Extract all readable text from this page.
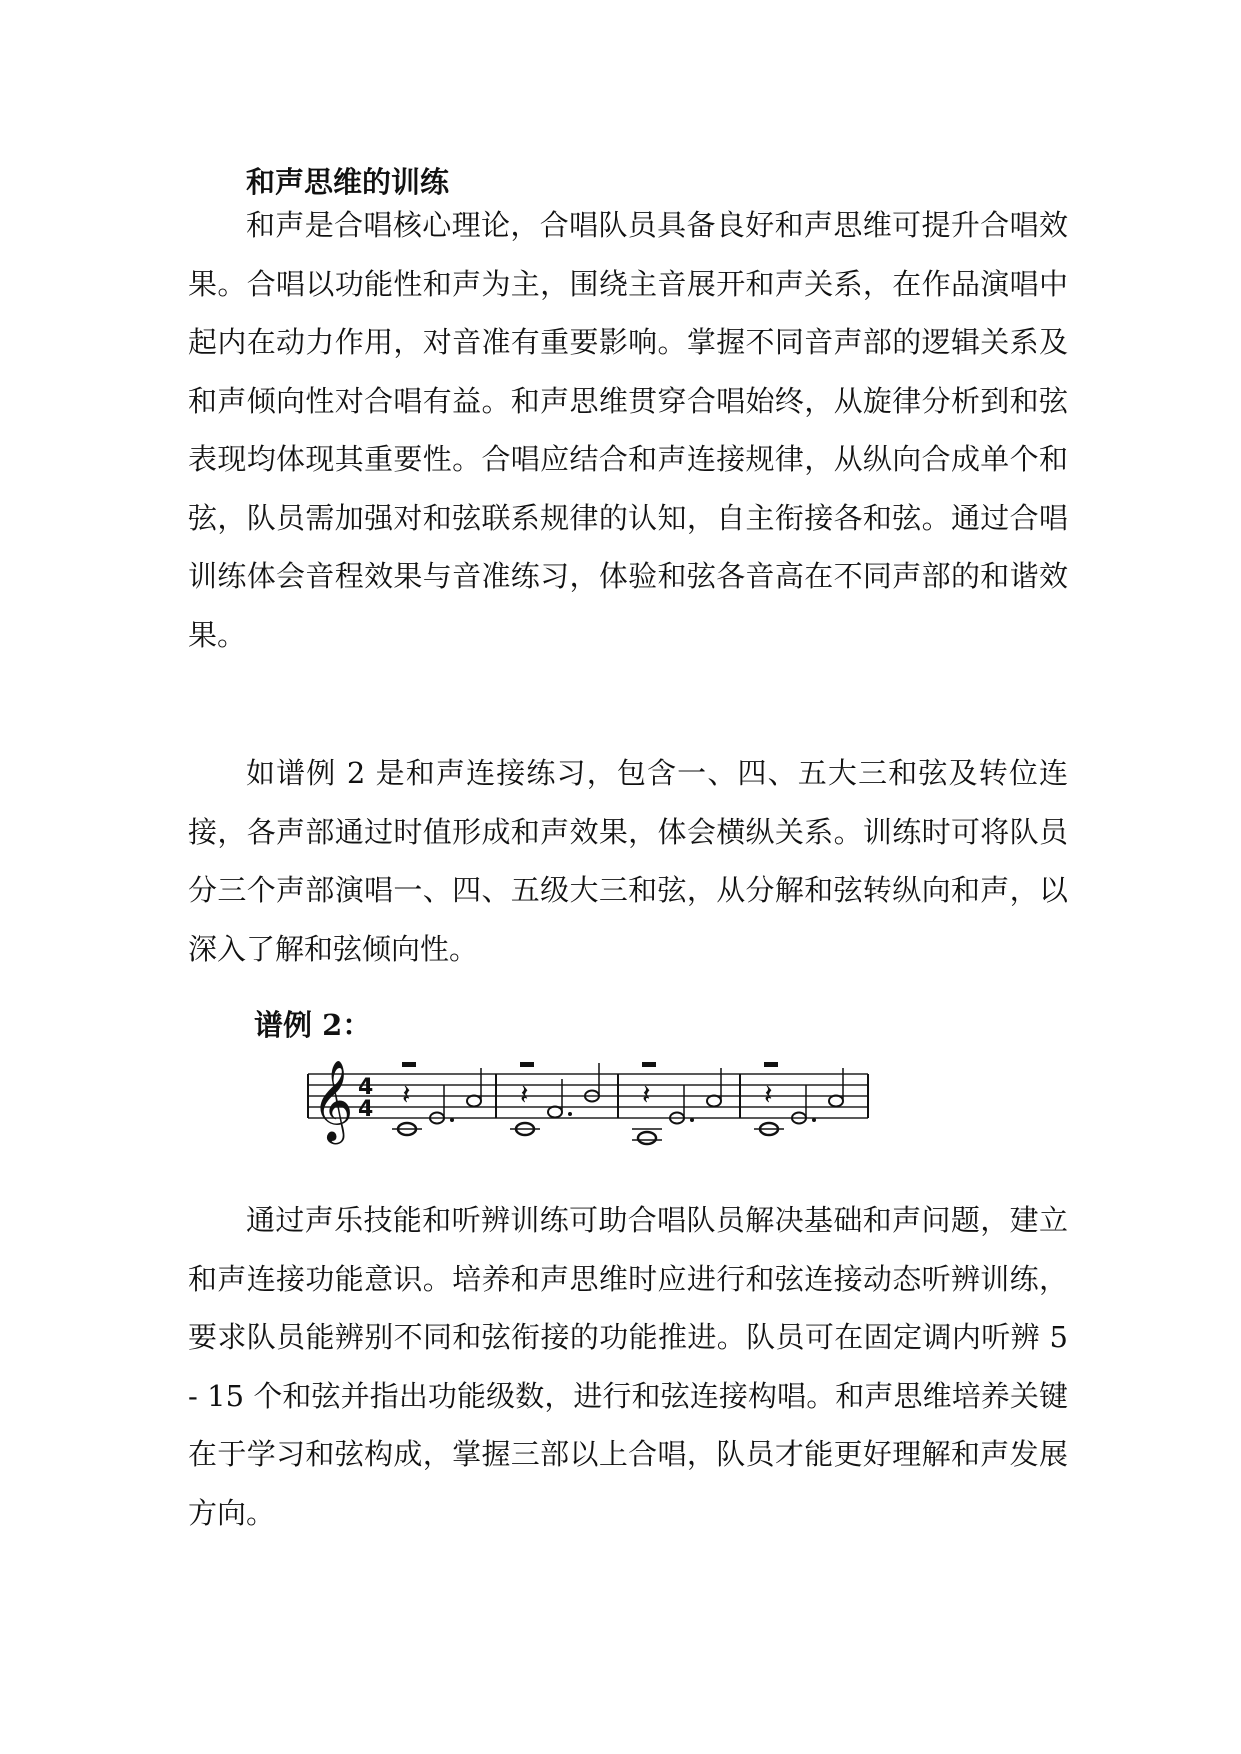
和声思维的训练

和声是合唱核心理论，合唱队员具备良好和声思维可提升合唱效果。合唱以功能性和声为主，围绕主音展开和声关系，在作品演唱中起内在动力作用，对音准有重要影响。掌握不同音声部的逻辑关系及和声倾向性对合唱有益。和声思维贯穿合唱始终，从旋律分析到和弦表现均体现其重要性。合唱应结合和声连接规律，从纵向合成单个和弦，队员需加强对和弦联系规律的认知，自主衔接各和弦。通过合唱训练体会音程效果与音准练习，体验和弦各音高在不同声部的和谐效果。

如谱例 2 是和声连接练习，包含一、四、五大三和弦及转位连接，各声部通过时值形成和声效果，体会横纵关系。训练时可将队员分三个声部演唱一、四、五级大三和弦，从分解和弦转纵向和声，以深入了解和弦倾向性。

谱例 2：
𝄞 4
4 𝄽	𝄽	𝄽	𝄽

通过声乐技能和听辨训练可助合唱队员解决基础和声问题，建立和声连接功能意识。培养和声思维时应进行和弦连接动态听辨训练，要求队员能辨别不同和弦衔接的功能推进。队员可在固定调内听辨 5 - 15 个和弦并指出功能级数，进行和弦连接构唱。和声思维培养关键在于学习和弦构成，掌握三部以上合唱，队员才能更好理解和声发展方向。
